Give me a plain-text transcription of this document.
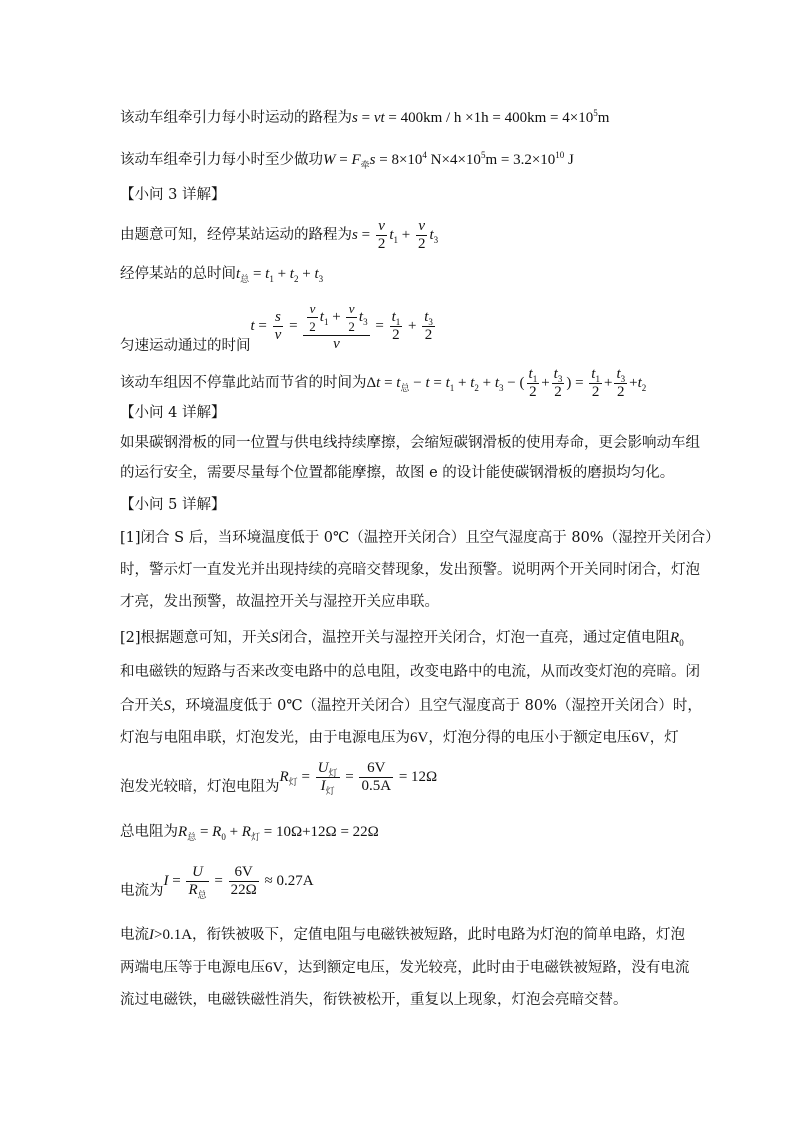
该动车组牵引力每小时运动的路程为s = vt = $400km / h \times 1h = 400km = 4\times 10^5m$
该动车组牵引力每小时至少做功$W = F_牵s = 8\times 10^4$ $N\times 4\times 10^5m = 3.2\times 10^{10}$ J
【小问 3 详解】
由题意可知，经停某站运动的路程为$s = \frac{v}{2} t_1 + \frac{v}{2} t_3$
经停某站的总时间$t_总 = t_1 + t_2 + t_3$
匀速运动通过的时间$t = \frac{s}{v} = \frac{\frac{v}{2} t_1 + \frac{v}{2} t_3}{v} = \frac{t_1}{2} + \frac{t_3}{2}$
该动车组因不停靠此站而节省的时间为$\Delta t = t_总 - t = t_1 + t_2 + t_3$ − ( $\frac{t_1}{2} + \frac{t_3}{2}$ ) = $\frac{t_1}{2} + \frac{t_3}{2} +t_2$
【小问 4 详解】
如果碳钢滑板的同一位置与供电线持续摩擦，会缩短碳钢滑板的使用寿命，更会影响动车组
的运行安全，需要尽量每个位置都能摩擦，故图 e 的设计能使碳钢滑板的磨损均匀化。
【小问 5 详解】
[1]闭合 S 后，当环境温度低于 0℃（温控开关闭合）且空气湿度高于 80%（湿控开关闭合）
时，警示灯一直发光并出现持续的亮暗交替现象，发出预警。说明两个开关同时闭合，灯泡
才亮，发出预警，故温控开关与湿控开关应串联。
[2]根据题意可知，开关S闭合，温控开关与湿控开关闭合，灯泡一直亮，通过定值电阻$R_0$
和电磁铁的短路与否来改变电路中的总电阻，改变电路中的电流，从而改变灯泡的亮暗。闭
合开关S，环境温度低于 0℃（温控开关闭合）且空气湿度高于 80%（湿控开关闭合）时，
灯泡与电阻串联，灯泡发光，由于电源电压为6V，灯泡分得的电压小于额定电压6V，灯
泡发光较暗，灯泡电阻为$R_灯 = \frac{U_灯}{I_灯} = \frac{6V}{0.5A} = 12\Omega$
总电阻为$R_总 = R_0 + R_灯 = 10\Omega+12\Omega = 22\Omega$
电流为$I = \frac{U}{R_总} = \frac{6V}{22\Omega} \approx 0.27A$
电流I>0.1A，衔铁被吸下，定值电阻与电磁铁被短路，此时电路为灯泡的简单电路，灯泡
两端电压等于电源电压6V，达到额定电压，发光较亮，此时由于电磁铁被短路，没有电流
流过电磁铁，电磁铁磁性消失，衔铁被松开，重复以上现象，灯泡会亮暗交替。
